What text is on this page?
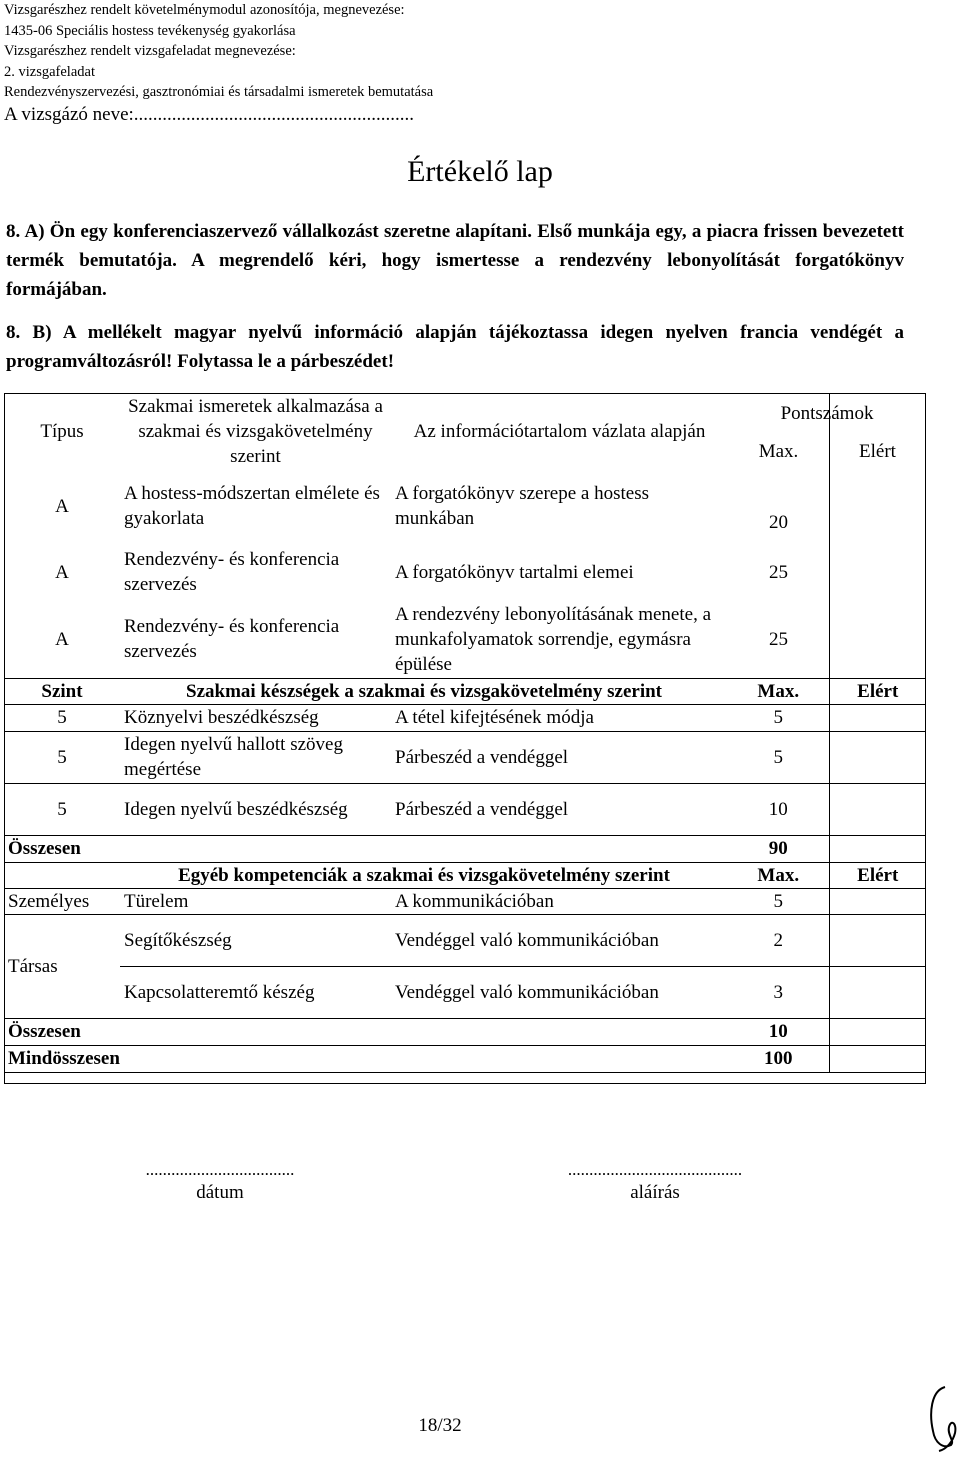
Vizsgarészhez rendelt követelménymodul azonosítója, megnevezése:
1435-06 Speciális hostess tevékenység gyakorlása
Vizsgarészhez rendelt vizsgafeladat megnevezése:
2. vizsgafeladat
Rendezvényszervezési, gasztronómiai és társadalmi ismeretek bemutatása
A vizsgázó neve:...........................................................
Értékelő lap

8. A) Ön egy konferenciaszervező vállalkozást szeretne alapítani. Első munkája egy, a piacra frissen bevezetett termék bemutatója. A megrendelő kéri, hogy ismertesse a rendezvény lebonyolítását forgatókönyv formájában.

8. B) A mellékelt magyar nyelvű információ alapján tájékoztassa idegen nyelven francia vendégét a programváltozásról! Folytassa le a párbeszédet!

Típus	Szakmai ismeretek alkalmazása a szakmai és vizsgakövetelmény szerint	Az információtartalom vázlata alapján	Pontszámok	
			Max.	Elért
A	A hostess-módszertan elmélete és gyakorlata	A forgatókönyv szerepe a hostess munkában	20	
A	Rendezvény- és konferencia szervezés	A forgatókönyv tartalmi elemei	25	
A	Rendezvény- és konferencia szervezés	A rendezvény lebonyolításának menete, a munkafolyamatok sorrendje, egymásra épülése	25	
Szint	Szakmai készségek a szakmai és vizsgakövetelmény szerint		Max.	Elért
5	Köznyelvi beszédkészség	A tétel kifejtésének módja	5	
5	Idegen nyelvű hallott szöveg megértése	Párbeszéd a vendéggel	5	
5	Idegen nyelvű beszédkészség	Párbeszéd a vendéggel	10	
Összesen			90	
	Egyéb kompetenciák a szakmai és vizsgakövetelmény szerint		Max.	Elért
Személyes	Türelem	A kommunikációban	5	
Társas	Segítőkészség	Vendéggel való kommunikációban	2	
	Kapcsolatteremtő készég	Vendéggel való kommunikációban	3	
Összesen			10	
Mindösszesen			100	
...................................
dátum
.........................................
aláírás
18/32
